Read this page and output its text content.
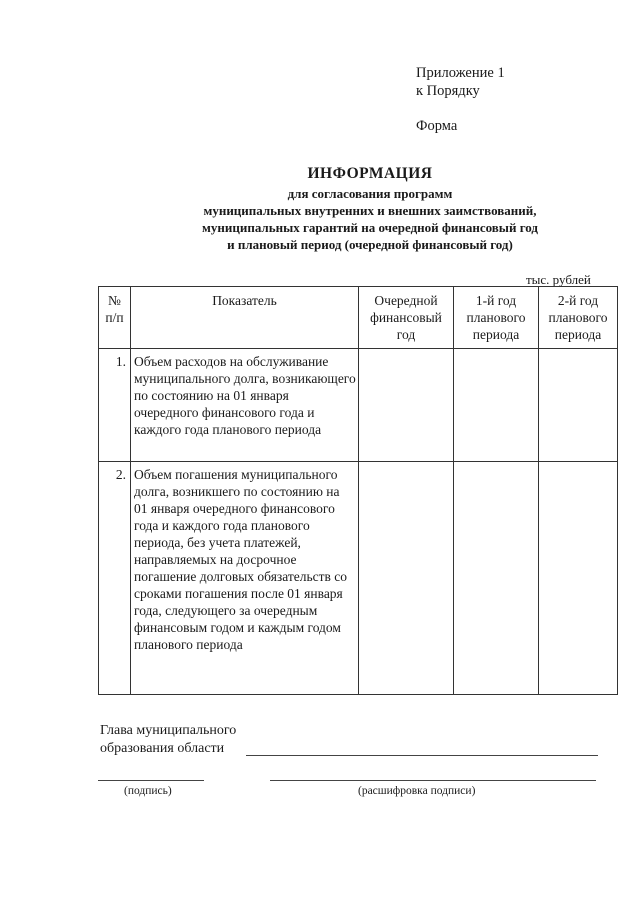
Приложение 1
к Порядку
Форма
ИНФОРМАЦИЯ
для согласования программ
муниципальных внутренних и внешних заимствований,
муниципальных гарантий на очередной финансовый год
и плановый период (очередной финансовый год)
тыс. рублей
№ п/п	Показатель	Очередной финансовый год	1-й год планового периода	2-й год планового периода
1.	Объем расходов на обслуживание муниципального долга, возникающего по состоянию на 01 января очередного финансового года и каждого года планового периода			
2.	Объем погашения муниципального долга, возникшего по состоянию на 01 января очередного финансового года и каждого года планового периода, без учета платежей, направляемых на досрочное погашение долговых обязательств со сроками погашения после 01 января года, следующего за очередным финансовым годом и каждым годом планового периода			
Глава муниципального
образования области
(подпись)	(расшифровка подписи)
